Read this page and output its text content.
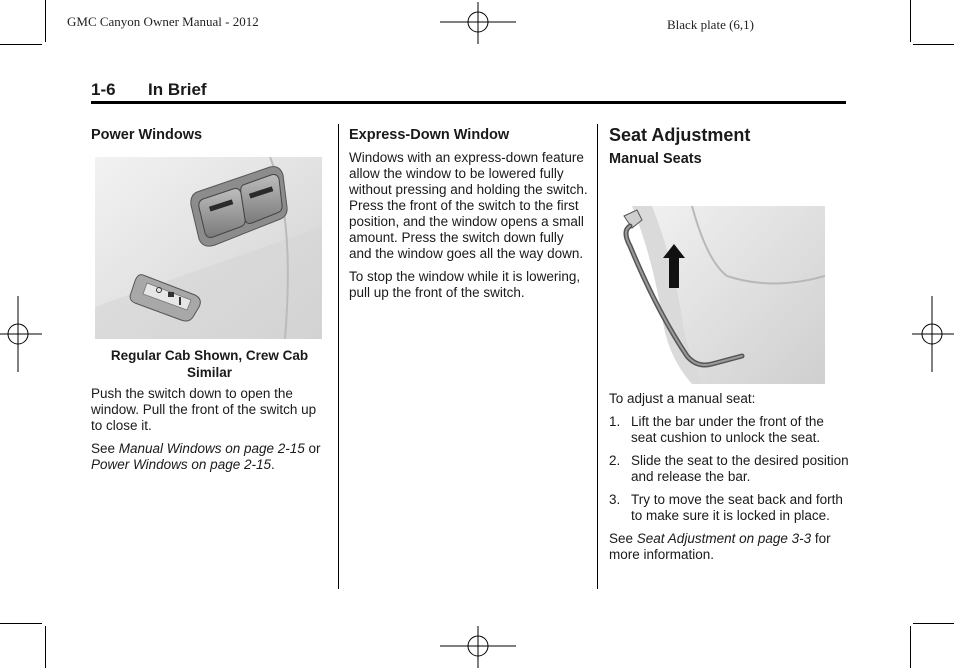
GMC Canyon Owner Manual - 2012	Black plate (6,1)
1-6 In Brief
Power Windows
Regular Cab Shown, Crew Cab Similar

Push the switch down to open the window. Pull the front of the switch up to close it.

See Manual Windows on page 2-15 or Power Windows on page 2-15.

Express-Down Window

Windows with an express-down feature allow the window to be lowered fully without pressing and holding the switch. Press the front of the switch to the first position, and the window opens a small amount. Press the switch down fully and the window goes all the way down.

To stop the window while it is lowering, pull up the front of the switch.

Seat Adjustment
Manual Seats

To adjust a manual seat:

1. Lift the bar under the front of the seat cushion to unlock the seat.
2. Slide the seat to the desired position and release the bar.
3. Try to move the seat back and forth to make sure it is locked in place.

See Seat Adjustment on page 3-3 for more information.
